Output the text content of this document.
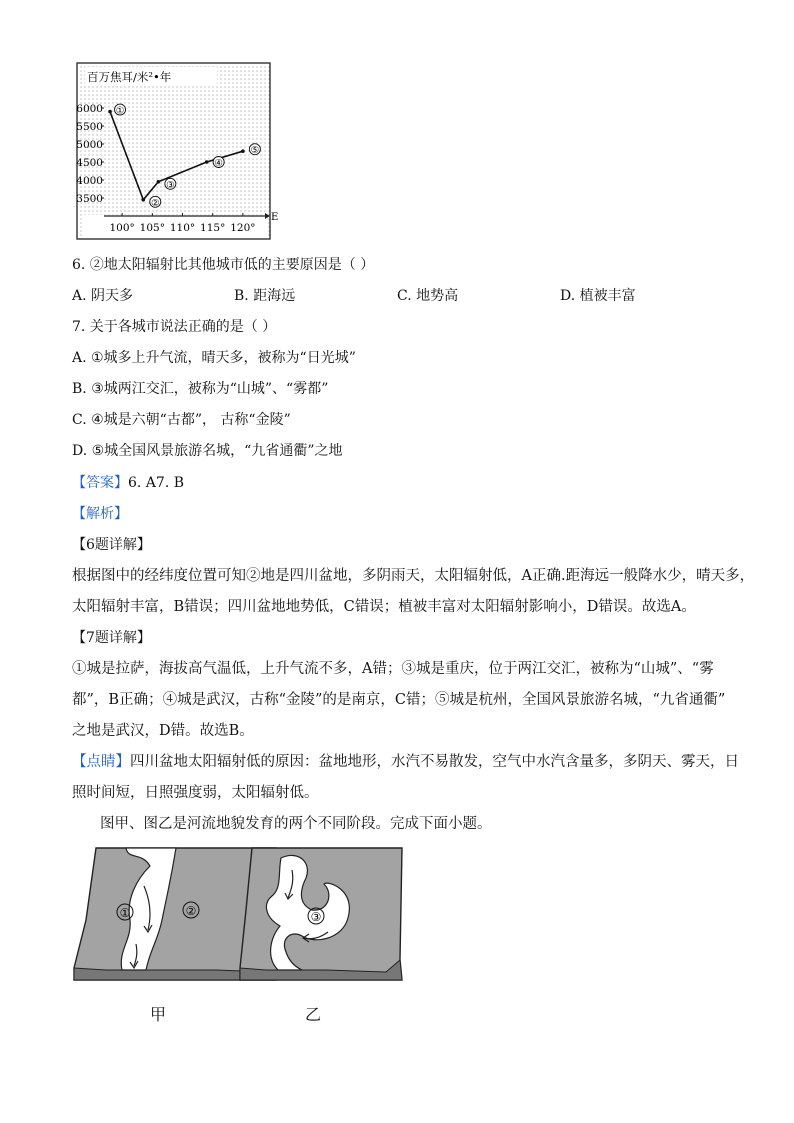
百万焦耳/米²•年
E
3500
4000
4500
5000
5500
6000
100° 105° 110° 115° 120°
①
②
③
④
⑤
6. ②地太阳辐射比其他城市低的主要原因是（ ）
A. 阴天多	B. 距海远	C. 地势高	D. 植被丰富
7. 关于各城市说法正确的是（ ）
A. ①城多上升气流，晴天多，被称为“日光城”
B. ③城两江交汇，被称为“山城”、“雾都”
C. ④城是六朝“古都”， 古称“金陵”
D. ⑤城全国风景旅游名城，“九省通衢”之地
【答案】6. A7. B
【解析】
【6题详解】
根据图中的经纬度位置可知②地是四川盆地，多阴雨天，太阳辐射低，A正确.距海远一般降水少，晴天多，
太阳辐射丰富，B错误；四川盆地地势低，C错误；植被丰富对太阳辐射影响小，D错误。故选A。
【7题详解】
①城是拉萨，海拔高气温低，上升气流不多，A错；③城是重庆，位于两江交汇，被称为“山城”、“雾
都”，B正确；④城是武汉，古称“金陵”的是南京，C错；⑤城是杭州，全国风景旅游名城，“九省通衢”
之地是武汉，D错。故选B。
【点睛】四川盆地太阳辐射低的原因：盆地地形，水汽不易散发，空气中水汽含量多，多阴天、雾天，日
照时间短，日照强度弱，太阳辐射低。
图甲、图乙是河流地貌发育的两个不同阶段。完成下面小题。
①	②	③
甲	乙
